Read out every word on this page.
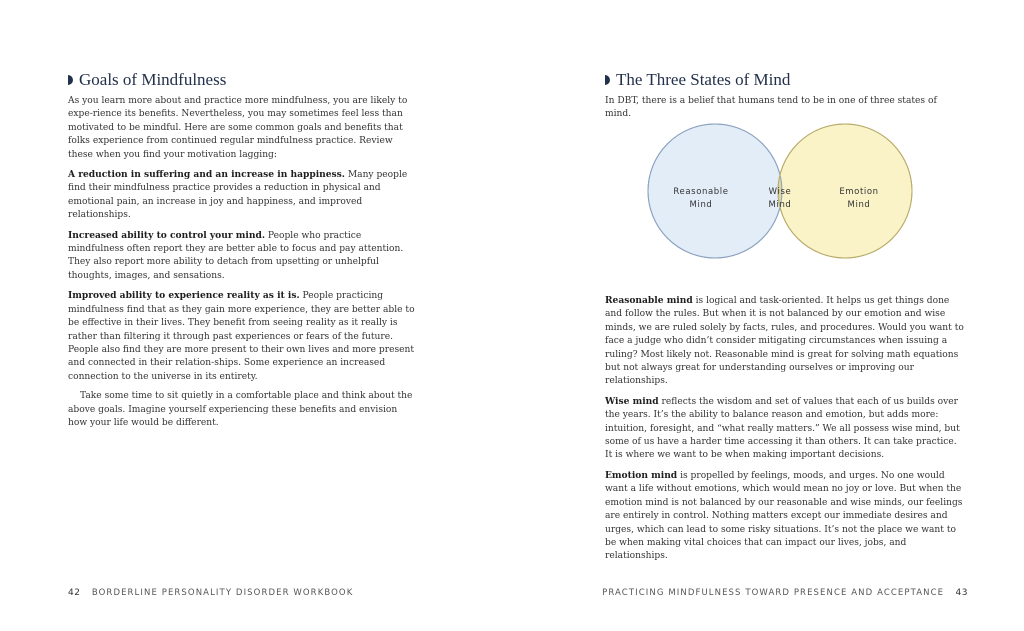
Goals of Mindfulness

As you learn more about and practice more mindfulness, you are likely to expe-rience its benefits. Nevertheless, you may sometimes feel less than motivated to be mindful. Here are some common goals and benefits that folks experience from continued regular mindfulness practice. Review these when you find your motivation lagging:

A reduction in suffering and an increase in happiness. Many people find their mindfulness practice provides a reduction in physical and emotional pain, an increase in joy and happiness, and improved relationships.

Increased ability to control your mind. People who practice mindfulness often report they are better able to focus and pay attention. They also report more ability to detach from upsetting or unhelpful thoughts, images, and sensations.

Improved ability to experience reality as it is. People practicing mindfulness find that as they gain more experience, they are better able to be effective in their lives. They benefit from seeing reality as it really is rather than filtering it through past experiences or fears of the future. People also find they are more present to their own lives and more present and connected in their relation-ships. Some experience an increased connection to the universe in its entirety.

Take some time to sit quietly in a comfortable place and think about the above goals. Imagine yourself experiencing these benefits and envision how your life would be different.

42 BORDERLINE PERSONALITY DISORDER WORKBOOK
The Three States of Mind

In DBT, there is a belief that humans tend to be in one of three states of mind.

Reasonable
Mind
Wise
Mind
Emotion
Mind

Reasonable mind is logical and task-oriented. It helps us get things done and follow the rules. But when it is not balanced by our emotion and wise minds, we are ruled solely by facts, rules, and procedures. Would you want to face a judge who didn’t consider mitigating circumstances when issuing a ruling? Most likely not. Reasonable mind is great for solving math equations but not always great for understanding ourselves or improving our relationships.

Wise mind reflects the wisdom and set of values that each of us builds over the years. It’s the ability to balance reason and emotion, but adds more: intuition, foresight, and “what really matters.” We all possess wise mind, but some of us have a harder time accessing it than others. It can take practice. It is where we want to be when making important decisions.

Emotion mind is propelled by feelings, moods, and urges. No one would want a life without emotions, which would mean no joy or love. But when the emotion mind is not balanced by our reasonable and wise minds, our feelings are entirely in control. Nothing matters except our immediate desires and urges, which can lead to some risky situations. It’s not the place we want to be when making vital choices that can impact our lives, jobs, and relationships.

PRACTICING MINDFULNESS TOWARD PRESENCE AND ACCEPTANCE 43
